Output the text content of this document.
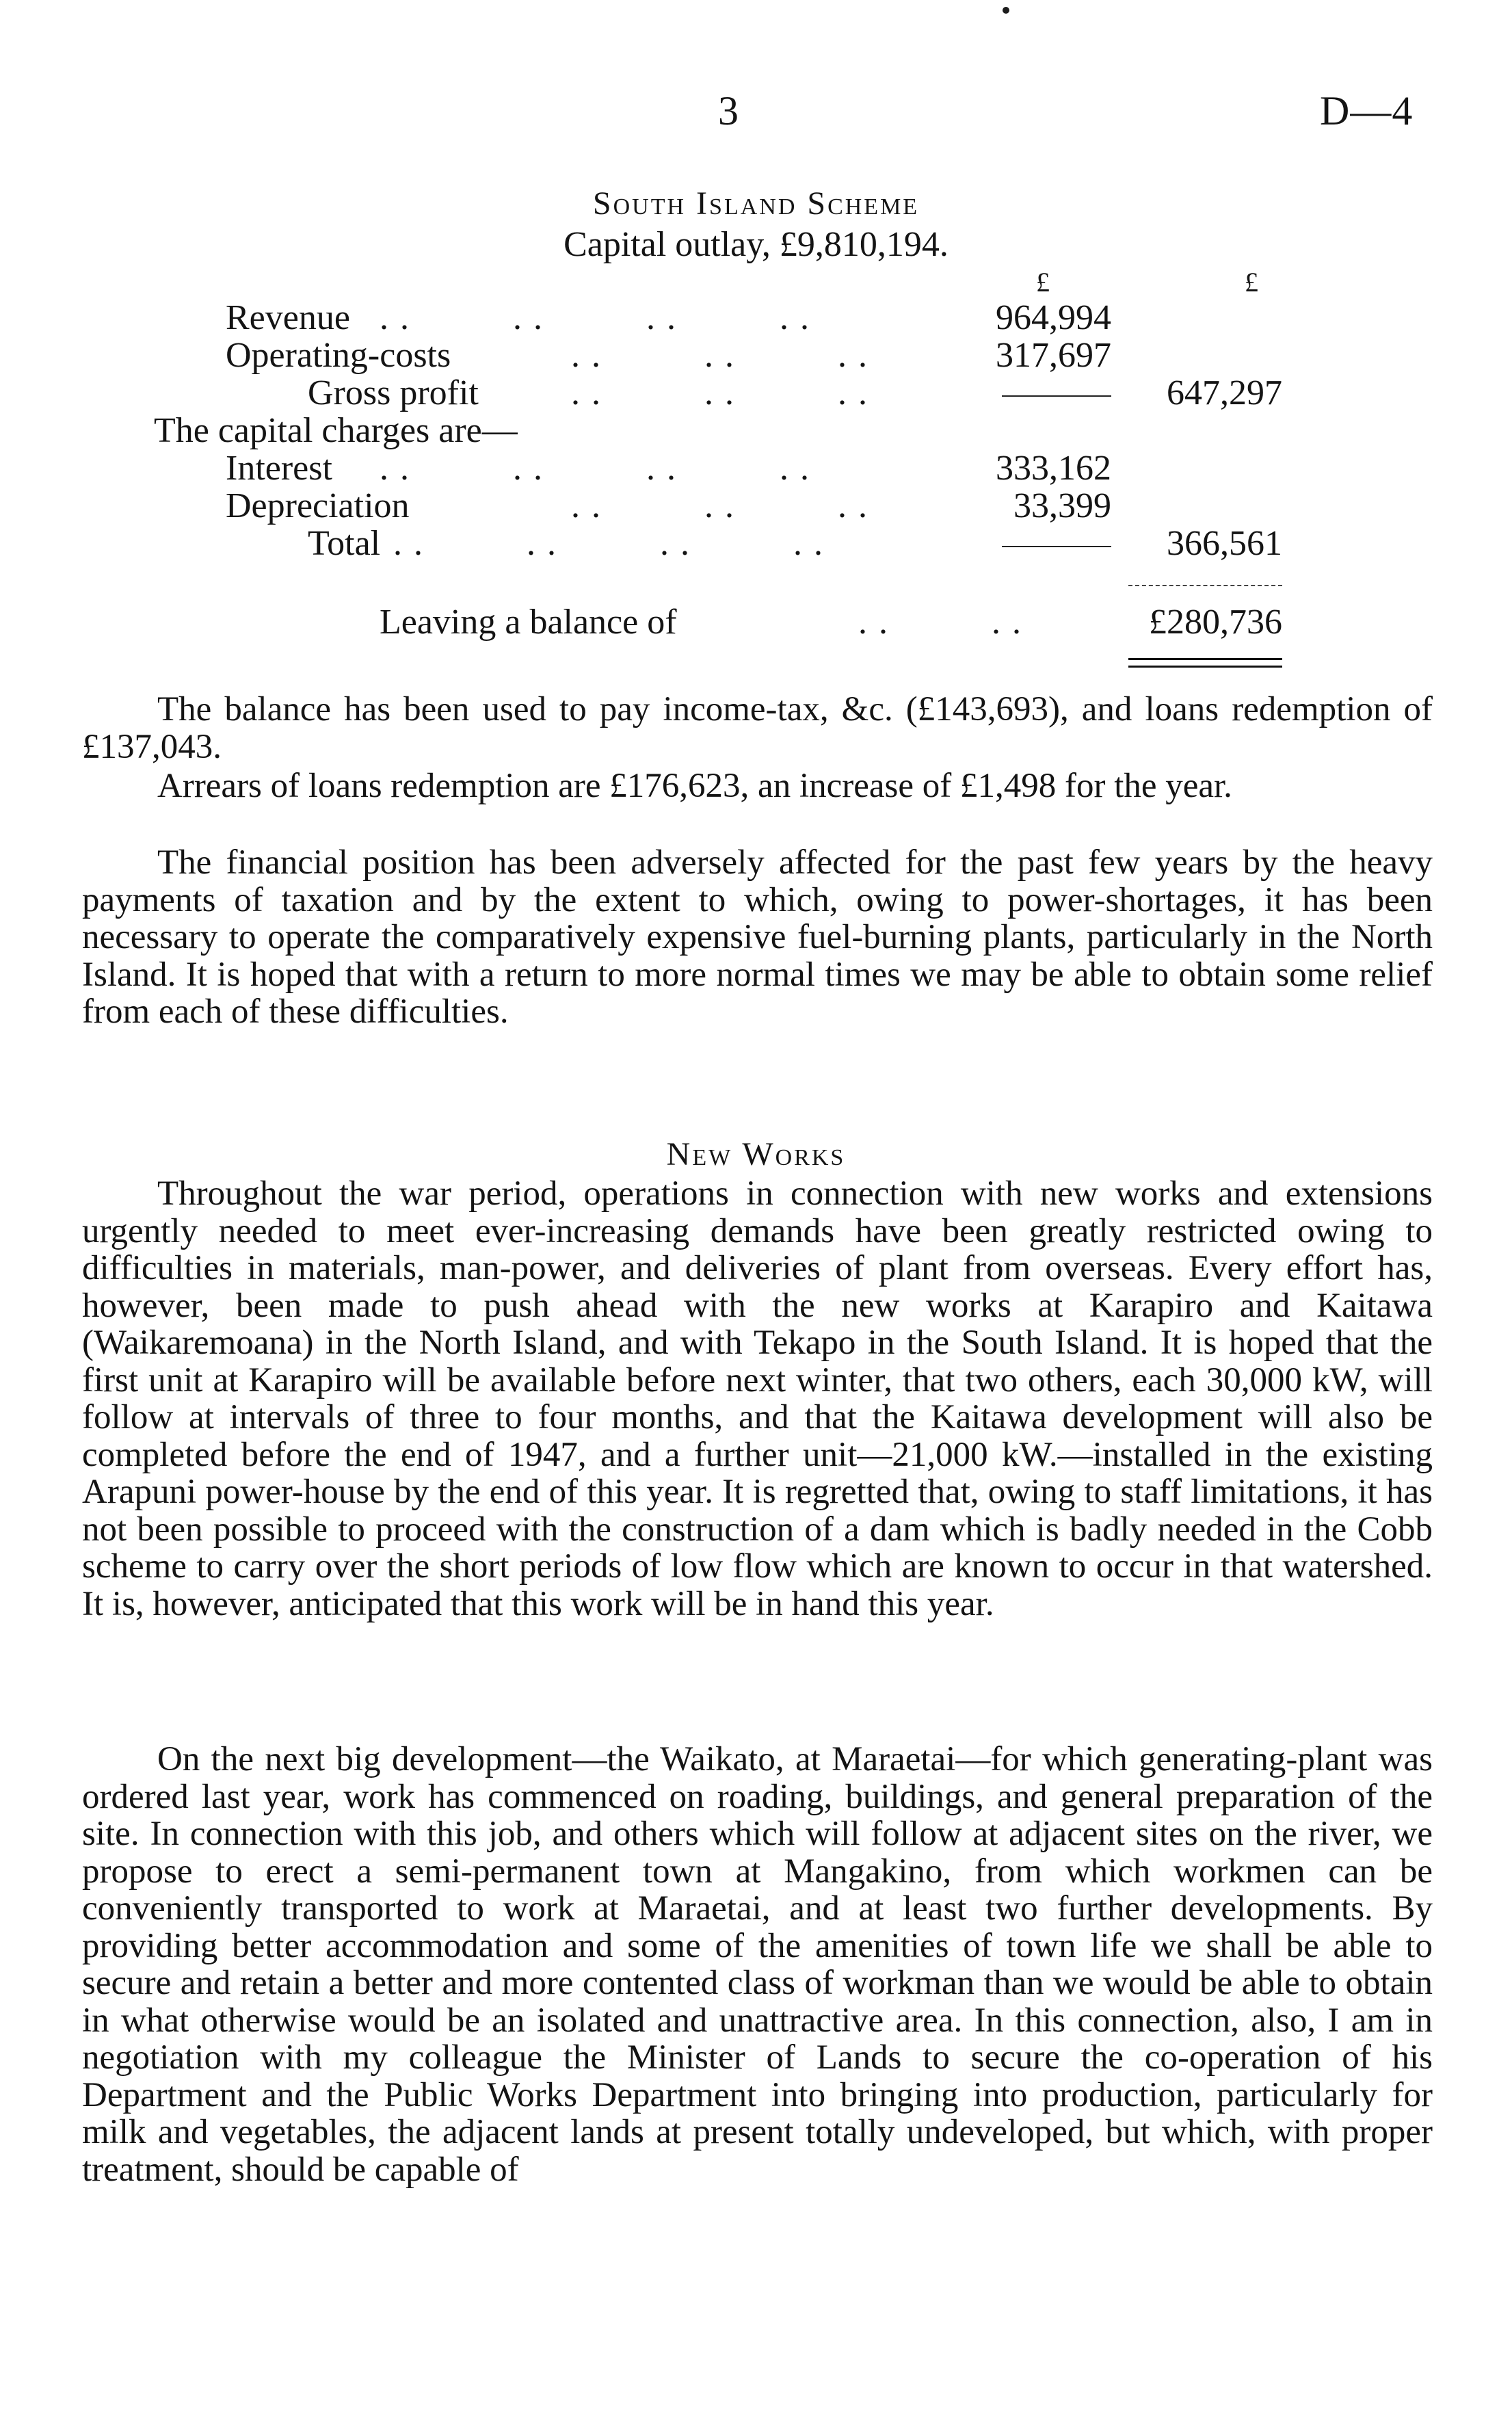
3	D—4
South Island Scheme
Capital outlay, £9,810,194.
£	£
Revenue . .          . .          . .          . .	964,994
Operating-costs	. .          . .          . .	317,697
Gross profit	. .          . .          . .	647,297
The capital charges are—
Interest . .          . .          . .          . .	333,162
Depreciation	. .          . .          . .	33,399
Total . .          . .          . .          . .	366,561
Leaving a balance of	. .          . .	£280,736

The balance has been used to pay income-tax, &c. (£143,693), and loans redemption of £137,043.

Arrears of loans redemption are £176,623, an increase of £1,498 for the year.

The financial position has been adversely affected for the past few years by the heavy payments of taxation and by the extent to which, owing to power-shortages, it has been necessary to operate the comparatively expensive fuel-burning plants, particularly in the North Island. It is hoped that with a return to more normal times we may be able to obtain some relief from each of these difficulties.

New Works

Throughout the war period, operations in connection with new works and extensions urgently needed to meet ever-increasing demands have been greatly restricted owing to difficulties in materials, man-power, and deliveries of plant from overseas. Every effort has, however, been made to push ahead with the new works at Karapiro and Kaitawa (Waikaremoana) in the North Island, and with Tekapo in the South Island. It is hoped that the first unit at Karapiro will be available before next winter, that two others, each 30,000 kW, will follow at intervals of three to four months, and that the Kaitawa development will also be completed before the end of 1947, and a further unit—21,000 kW.—installed in the existing Arapuni power-house by the end of this year. It is regretted that, owing to staff limitations, it has not been possible to proceed with the construction of a dam which is badly needed in the Cobb scheme to carry over the short periods of low flow which are known to occur in that watershed. It is, however, anticipated that this work will be in hand this year.

On the next big development—the Waikato, at Maraetai—for which generating-plant was ordered last year, work has commenced on roading, buildings, and general preparation of the site. In connection with this job, and others which will follow at adjacent sites on the river, we propose to erect a semi-permanent town at Mangakino, from which workmen can be conveniently transported to work at Maraetai, and at least two further developments. By providing better accommodation and some of the amenities of town life we shall be able to secure and retain a better and more contented class of workman than we would be able to obtain in what otherwise would be an isolated and unattractive area. In this connection, also, I am in negotiation with my colleague the Minister of Lands to secure the co-operation of his Department and the Public Works Department into bringing into production, particularly for milk and vegetables, the adjacent lands at present totally undeveloped, but which, with proper treatment, should be capable of
